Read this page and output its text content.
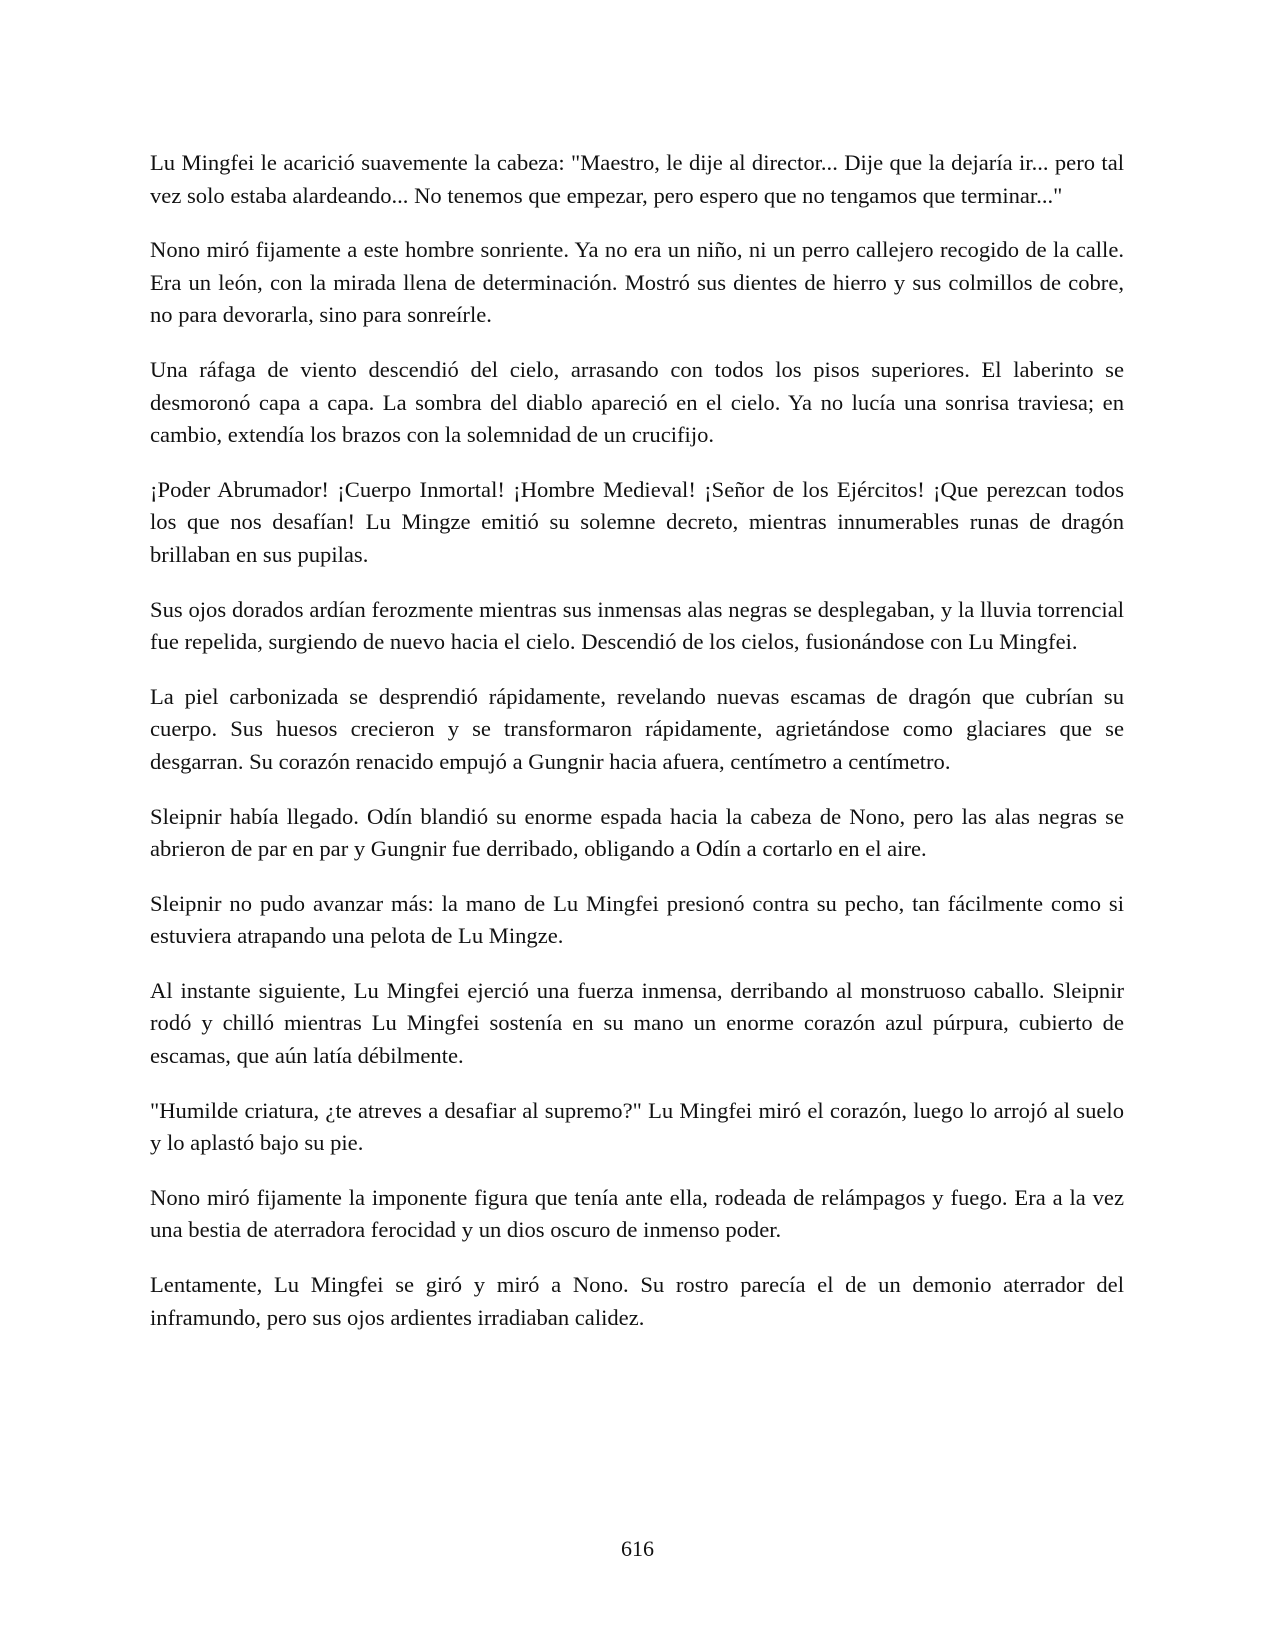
Lu Mingfei le acarició suavemente la cabeza: "Maestro, le dije al director... Dije que la dejaría ir... pero tal vez solo estaba alardeando... No tenemos que empezar, pero espero que no tengamos que terminar..."

Nono miró fijamente a este hombre sonriente. Ya no era un niño, ni un perro callejero recogido de la calle. Era un león, con la mirada llena de determinación. Mostró sus dientes de hierro y sus colmillos de cobre, no para devorarla, sino para sonreírle.

Una ráfaga de viento descendió del cielo, arrasando con todos los pisos superiores. El laberinto se desmoronó capa a capa. La sombra del diablo apareció en el cielo. Ya no lucía una sonrisa traviesa; en cambio, extendía los brazos con la solemnidad de un crucifijo.

¡Poder Abrumador! ¡Cuerpo Inmortal! ¡Hombre Medieval! ¡Señor de los Ejércitos! ¡Que perezcan todos los que nos desafían! Lu Mingze emitió su solemne decreto, mientras innumerables runas de dragón brillaban en sus pupilas.

Sus ojos dorados ardían ferozmente mientras sus inmensas alas negras se desplegaban, y la lluvia torrencial fue repelida, surgiendo de nuevo hacia el cielo. Descendió de los cielos, fusionándose con Lu Mingfei.

La piel carbonizada se desprendió rápidamente, revelando nuevas escamas de dragón que cubrían su cuerpo. Sus huesos crecieron y se transformaron rápidamente, agrietándose como glaciares que se desgarran. Su corazón renacido empujó a Gungnir hacia afuera, centímetro a centímetro.

Sleipnir había llegado. Odín blandió su enorme espada hacia la cabeza de Nono, pero las alas negras se abrieron de par en par y Gungnir fue derribado, obligando a Odín a cortarlo en el aire.

Sleipnir no pudo avanzar más: la mano de Lu Mingfei presionó contra su pecho, tan fácilmente como si estuviera atrapando una pelota de Lu Mingze.

Al instante siguiente, Lu Mingfei ejerció una fuerza inmensa, derribando al monstruoso caballo. Sleipnir rodó y chilló mientras Lu Mingfei sostenía en su mano un enorme corazón azul púrpura, cubierto de escamas, que aún latía débilmente.

"Humilde criatura, ¿te atreves a desafiar al supremo?" Lu Mingfei miró el corazón, luego lo arrojó al suelo y lo aplastó bajo su pie.

Nono miró fijamente la imponente figura que tenía ante ella, rodeada de relámpagos y fuego. Era a la vez una bestia de aterradora ferocidad y un dios oscuro de inmenso poder.

Lentamente, Lu Mingfei se giró y miró a Nono. Su rostro parecía el de un demonio aterrador del inframundo, pero sus ojos ardientes irradiaban calidez.

616
